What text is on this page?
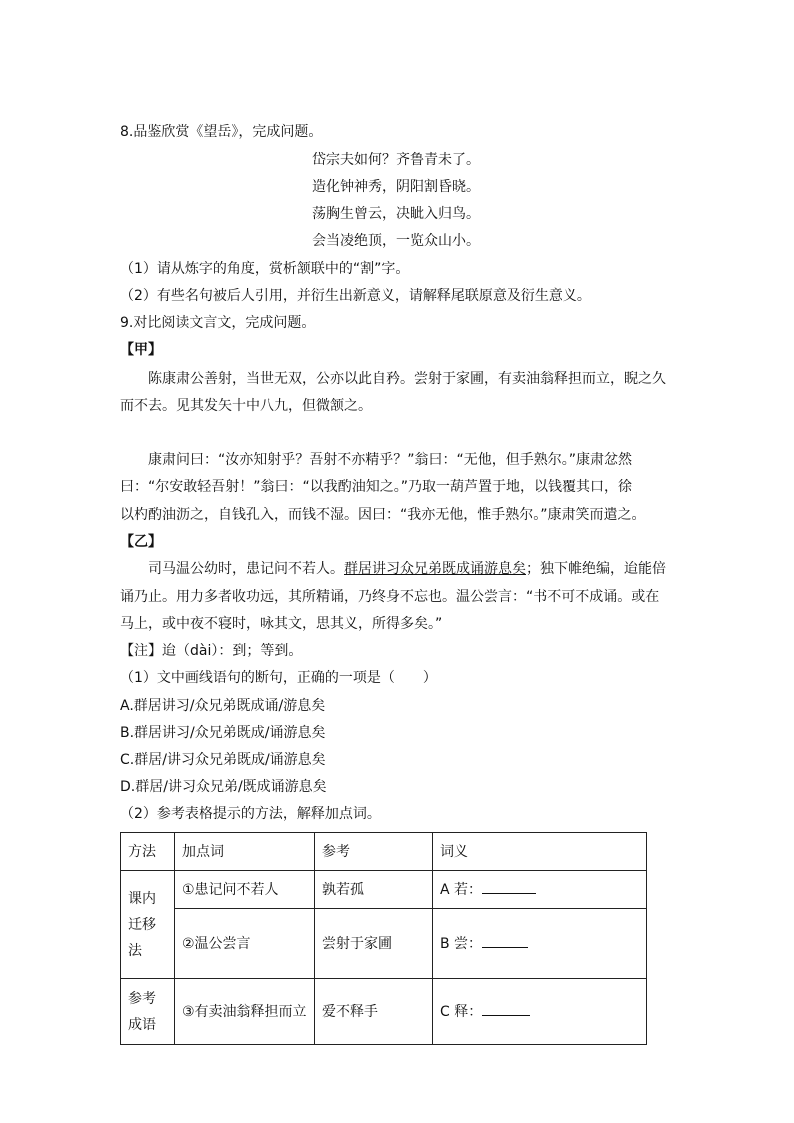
8.品鉴欣赏《望岳》，完成问题。
岱宗夫如何？齐鲁青未了。
造化钟神秀，阴阳割昏晓。
荡胸生曾云，决眦入归鸟。
会当凌绝顶，一览众山小。
（1）请从炼字的角度，赏析颔联中的“割”字。
（2）有些名句被后人引用，并衍生出新意义，请解释尾联原意及衍生意义。
9.对比阅读文言文，完成问题。
【甲】
陈康肃公善射，当世无双，公亦以此自矜。尝射于家圃，有卖油翁释担而立，睨之久
而不去。见其发矢十中八九，但微颔之。
康肃问曰：“汝亦知射乎？吾射不亦精乎？”翁曰：“无他，但手熟尔。”康肃忿然
曰：“尔安敢轻吾射！”翁曰：“以我酌油知之。”乃取一葫芦置于地，以钱覆其口，徐
以杓酌油沥之，自钱孔入，而钱不湿。因曰：“我亦无他，惟手熟尔。”康肃笑而遣之。
【乙】
司马温公幼时，患记问不若人。群居讲习众兄弟既成诵游息矣；独下帷绝编，迨能倍
诵乃止。用力多者收功远，其所精诵，乃终身不忘也。温公尝言：“书不可不成诵。或在
马上，或中夜不寝时，咏其文，思其义，所得多矣。”
【注】迨（dài）：到；等到。
（1）文中画线语句的断句，正确的一项是（　　）
A.群居讲习/众兄弟既成诵/游息矣
B.群居讲习/众兄弟既成/诵游息矣
C.群居/讲习众兄弟既成/诵游息矣
D.群居/讲习众兄弟/既成诵游息矣
（2）参考表格提示的方法，解释加点词。
方法	加点词	参考	词义
课内迁移法	①患记问不若人	孰若孤	A 若：
	②温公尝言	尝射于家圃	B 尝：
参考成语	③有卖油翁释担而立	爱不释手	C 释：
